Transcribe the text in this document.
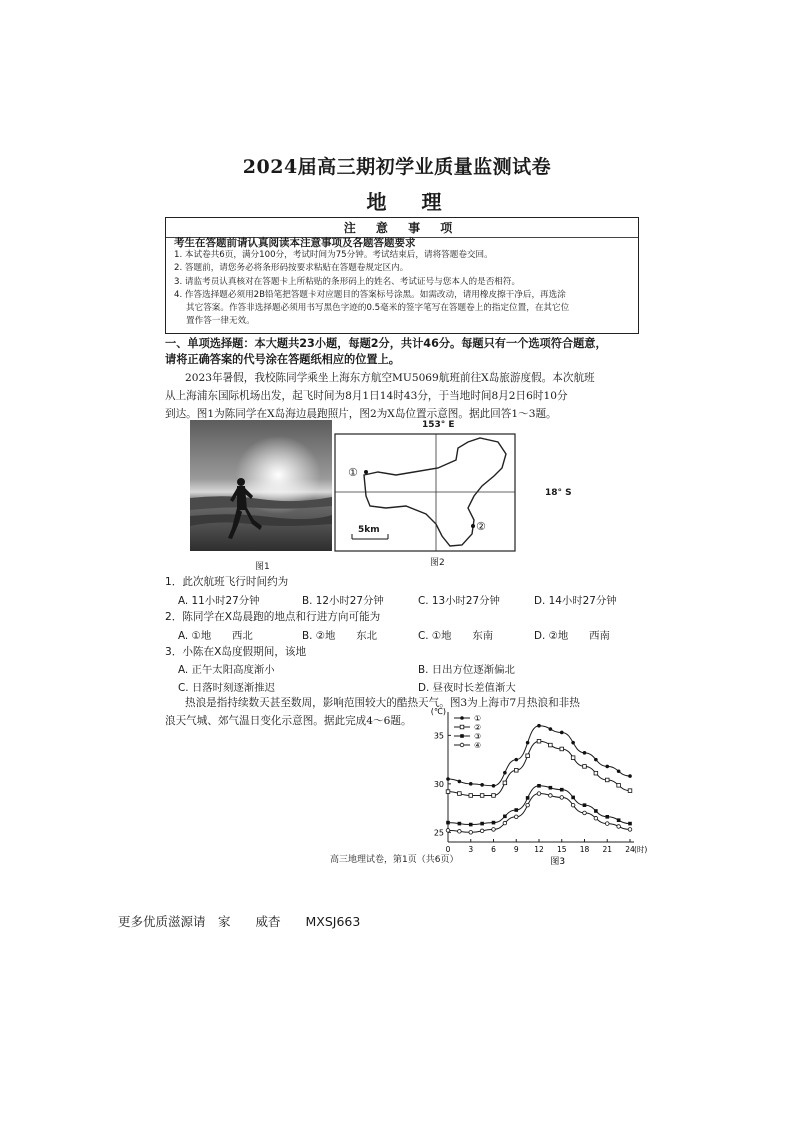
2024届高三期初学业质量监测试卷
地 理
注 意 事 项
考生在答题前请认真阅读本注意事项及各题答题要求
1. 本试卷共6页，满分100分，考试时间为75分钟。考试结束后，请将答题卷交回。
2. 答题前，请您务必将条形码按要求粘贴在答题卷规定区内。
3. 请监考员认真核对在答题卡上所粘贴的条形码上的姓名、考试证号与您本人的是否相符。
4. 作答选择题必须用2B铅笔把答题卡对应题目的答案标号涂黑。如需改动，请用橡皮擦干净后，再选涂
其它答案。作答非选择题必须用书写黑色字迹的0.5毫米的签字笔写在答题卷上的指定位置，在其它位
置作答一律无效。
一、单项选择题：本大题共23小题，每题2分，共计46分。每题只有一个选项符合题意，
请将正确答案的代号涂在答题纸相应的位置上。
2023年暑假，我校陈同学乘坐上海东方航空MU5069航班前往X岛旅游度假。本次航班
从上海浦东国际机场出发，起飞时间为8月1日14时43分，于当地时间8月2日6时10分
到达。图1为陈同学在X岛海边晨跑照片，图2为X岛位置示意图。据此回答1～3题。
图1
153° E
①
②
5km
18° S
图2
1．此次航班飞行时间约为
A. 11小时27分钟	B. 12小时27分钟	C. 13小时27分钟	D. 14小时27分钟
2．陈同学在X岛晨跑的地点和行进方向可能为
A. ①地　　西北	B. ②地　　东北	C. ①地　　东南	D. ②地　　西南
3．小陈在X岛度假期间，该地
A. 正午太阳高度渐小	B. 日出方位逐渐偏北
C. 日落时刻逐渐推迟	D. 昼夜时长差值渐大
热浪是指持续数天甚至数周，影响范围较大的酷热天气。图3为上海市7月热浪和非热
浪天气城、郊气温日变化示意图。据此完成4～6题。
(℃)
25
30
35
0 3 6 9 12 15 18 21 24 (时)
图3
①
②
③
④
高三地理试卷，第1页（共6页）
更多优质滋源请　家　　威杳　　MXSJ663
